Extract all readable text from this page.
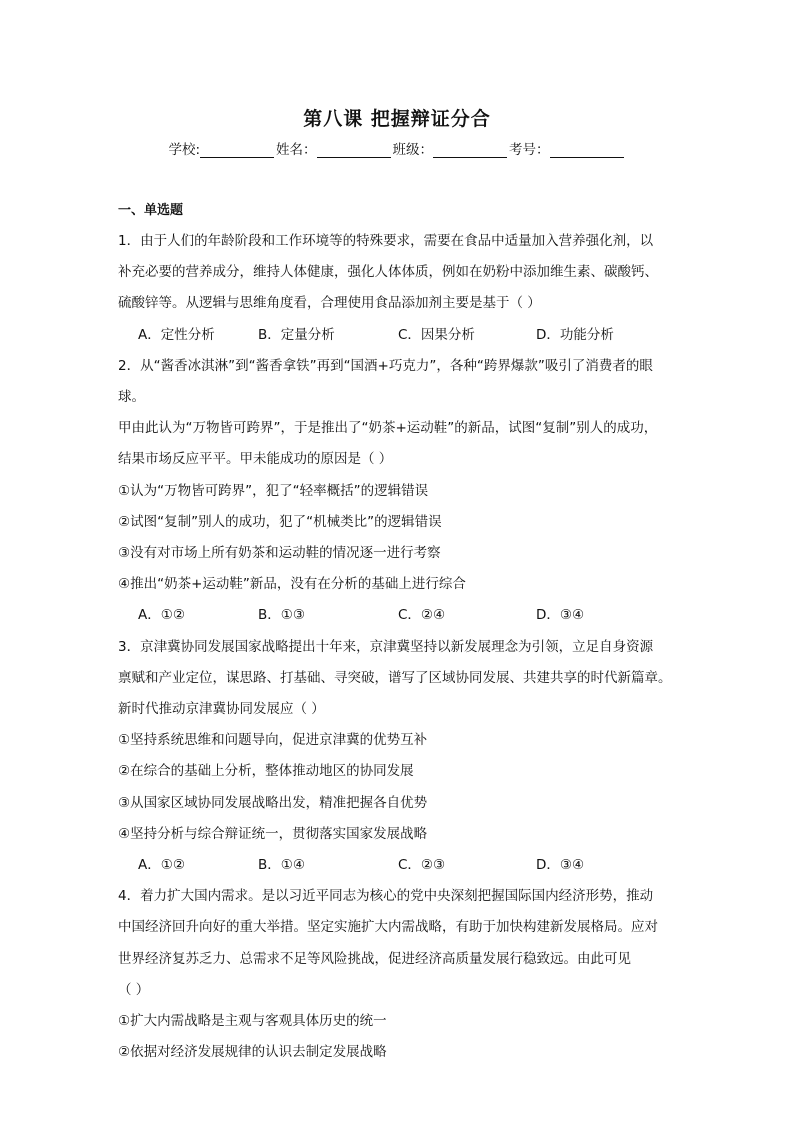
第八课 把握辩证分合
学校:	姓名：	班级：	考号：
一、单选题
1．由于人们的年龄阶段和工作环境等的特殊要求，需要在食品中适量加入营养强化剂，以
补充必要的营养成分，维持人体健康，强化人体体质，例如在奶粉中添加维生素、碳酸钙、
硫酸锌等。从逻辑与思维角度看，合理使用食品添加剂主要是基于（ ）
A．定性分析	B．定量分析	C．因果分析	D．功能分析
2．从“酱香冰淇淋”到“酱香拿铁”再到“国酒+巧克力”，各种“跨界爆款”吸引了消费者的眼球。
甲由此认为“万物皆可跨界”，于是推出了“奶茶+运动鞋”的新品，试图“复制”别人的成功，
结果市场反应平平。甲未能成功的原因是（ ）
①认为“万物皆可跨界”，犯了“轻率概括”的逻辑错误
②试图“复制”别人的成功，犯了“机械类比”的逻辑错误
③没有对市场上所有奶茶和运动鞋的情况逐一进行考察
④推出“奶茶+运动鞋”新品，没有在分析的基础上进行综合
A．①②	B．①③	C．②④	D．③④
3．京津冀协同发展国家战略提出十年来，京津冀坚持以新发展理念为引领，立足自身资源
禀赋和产业定位，谋思路、打基础、寻突破，谱写了区域协同发展、共建共享的时代新篇章。
新时代推动京津冀协同发展应（ ）
①坚持系统思维和问题导向，促进京津冀的优势互补
②在综合的基础上分析，整体推动地区的协同发展
③从国家区域协同发展战略出发，精准把握各自优势
④坚持分析与综合辩证统一，贯彻落实国家发展战略
A．①②	B．①④	C．②③	D．③④
4．着力扩大国内需求。是以习近平同志为核心的党中央深刻把握国际国内经济形势，推动
中国经济回升向好的重大举措。坚定实施扩大内需战略，有助于加快构建新发展格局。应对
世界经济复苏乏力、总需求不足等风险挑战，促进经济高质量发展行稳致远。由此可见
（ ）
①扩大内需战略是主观与客观具体历史的统一
②依据对经济发展规律的认识去制定发展战略
